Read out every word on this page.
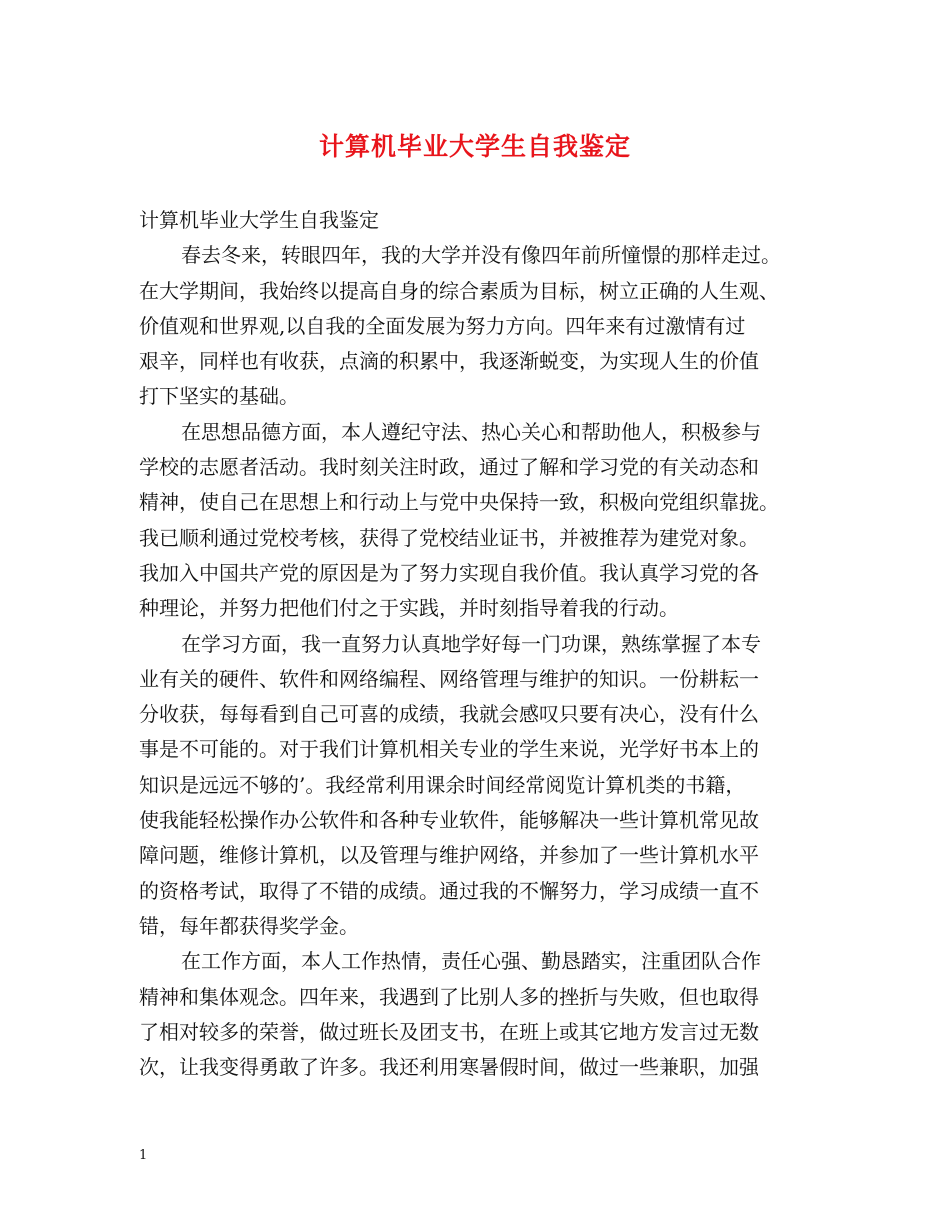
计算机毕业大学生自我鉴定
计算机毕业大学生自我鉴定
春去冬来，转眼四年，我的大学并没有像四年前所憧憬的那样走过。
在大学期间，我始终以提高自身的综合素质为目标，树立正确的人生观、
价值观和世界观,以自我的全面发展为努力方向。四年来有过激情有过
艰辛，同样也有收获，点滴的积累中，我逐渐蜕变，为实现人生的价值
打下坚实的基础。
在思想品德方面，本人遵纪守法、热心关心和帮助他人，积极参与
学校的志愿者活动。我时刻关注时政，通过了解和学习党的有关动态和
精神，使自己在思想上和行动上与党中央保持一致，积极向党组织靠拢。
我已顺利通过党校考核，获得了党校结业证书，并被推荐为建党对象。
我加入中国共产党的原因是为了努力实现自我价值。我认真学习党的各
种理论，并努力把他们付之于实践，并时刻指导着我的行动。
在学习方面，我一直努力认真地学好每一门功课，熟练掌握了本专
业有关的硬件、软件和网络编程、网络管理与维护的知识。一份耕耘一
分收获，每每看到自己可喜的成绩，我就会感叹只要有决心，没有什么
事是不可能的。对于我们计算机相关专业的学生来说，光学好书本上的
知识是远远不够的’。我经常利用课余时间经常阅览计算机类的书籍，
使我能轻松操作办公软件和各种专业软件，能够解决一些计算机常见故
障问题，维修计算机，以及管理与维护网络，并参加了一些计算机水平
的资格考试，取得了不错的成绩。通过我的不懈努力，学习成绩一直不
错，每年都获得奖学金。
在工作方面，本人工作热情，责任心强、勤恳踏实，注重团队合作
精神和集体观念。四年来，我遇到了比别人多的挫折与失败，但也取得
了相对较多的荣誉，做过班长及团支书，在班上或其它地方发言过无数
次，让我变得勇敢了许多。我还利用寒暑假时间，做过一些兼职，加强
1
